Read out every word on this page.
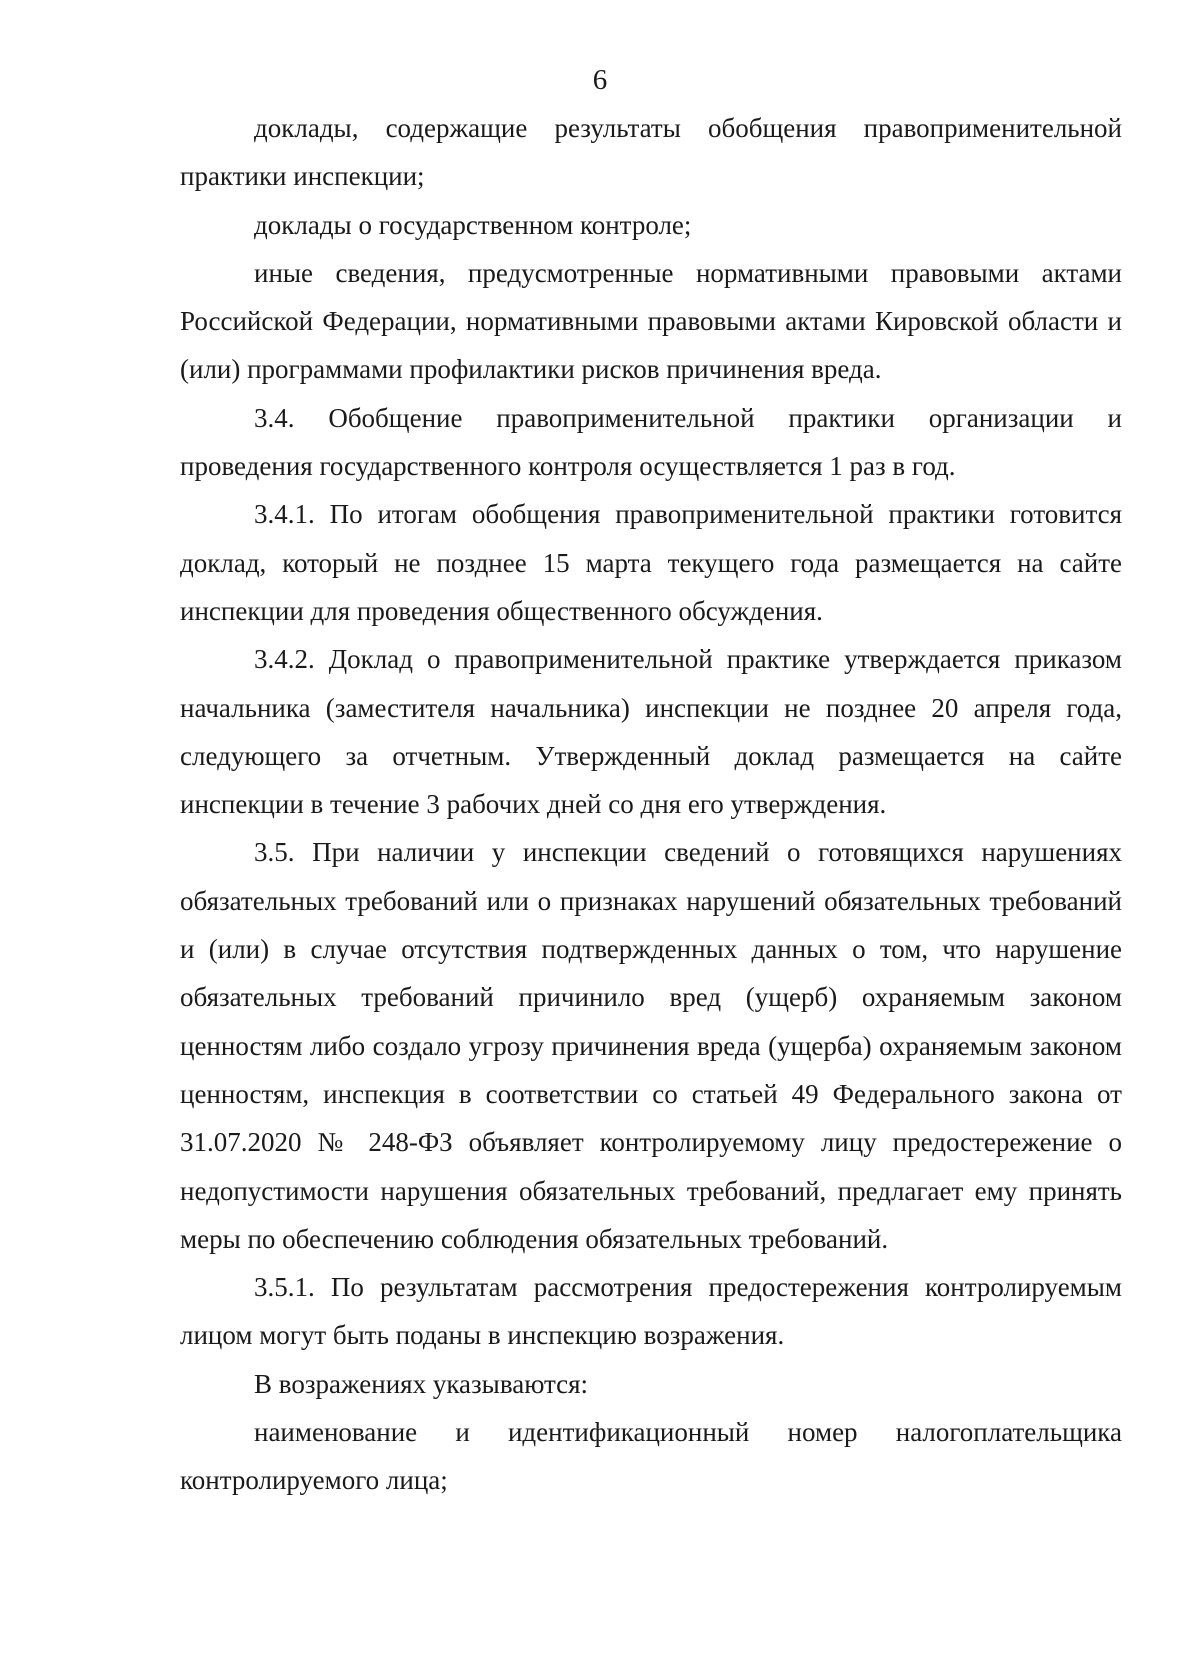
6

доклады, содержащие результаты обобщения правоприменительной практики инспекции;

доклады о государственном контроле;

иные сведения, предусмотренные нормативными правовыми актами Российской Федерации, нормативными правовыми актами Кировской области и (или) программами профилактики рисков причинения вреда.

3.4. Обобщение правоприменительной практики организации и проведения государственного контроля осуществляется 1 раз в год.

3.4.1. По итогам обобщения правоприменительной практики готовится доклад, который не позднее 15 марта текущего года размещается на сайте инспекции для проведения общественного обсуждения.

3.4.2. Доклад о правоприменительной практике утверждается приказом начальника (заместителя начальника) инспекции не позднее 20 апреля года, следующего за отчетным. Утвержденный доклад размещается на сайте инспекции в течение 3 рабочих дней со дня его утверждения.

3.5. При наличии у инспекции сведений о готовящихся нарушениях обязательных требований или о признаках нарушений обязательных требований и (или) в случае отсутствия подтвержденных данных о том, что нарушение обязательных требований причинило вред (ущерб) охраняемым законом ценностям либо создало угрозу причинения вреда (ущерба) охраняемым законом ценностям, инспекция в соответствии со статьей 49 Федерального закона от 31.07.2020 № 248-ФЗ объявляет контролируемому лицу предостережение о недопустимости нарушения обязательных требований, предлагает ему принять меры по обеспечению соблюдения обязательных требований.

3.5.1. По результатам рассмотрения предостережения контролируемым лицом могут быть поданы в инспекцию возражения.

В возражениях указываются:

наименование и идентификационный номер налогоплательщика контролируемого лица;
